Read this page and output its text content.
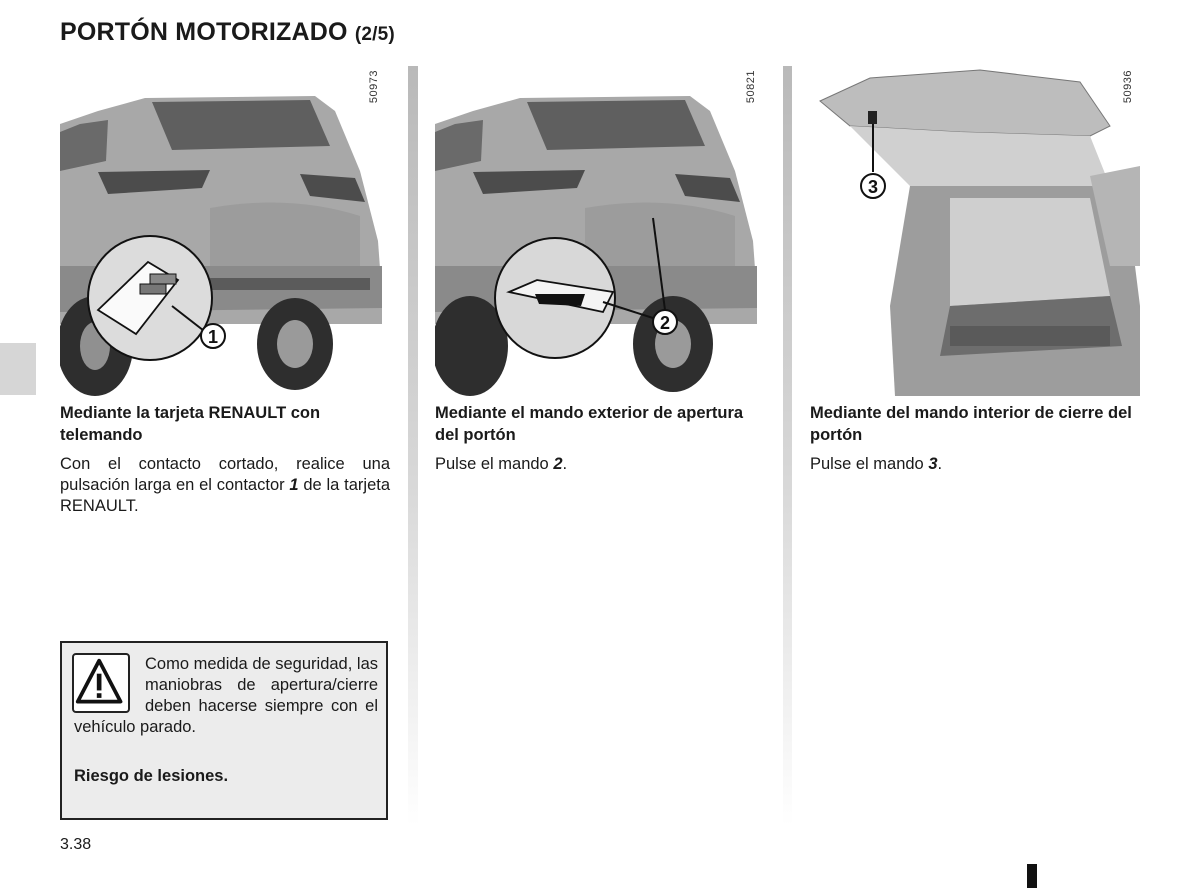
PORTÓN MOTORIZADO (2/5)
1
50973
2
50821
3
50936
Mediante la tarjeta RENAULT con telemando
Con el contacto cortado, realice una pulsación larga en el contactor 1 de la tarjeta RENAULT.
Mediante el mando exterior de apertura del portón
Pulse el mando 2.
Mediante del mando interior de cierre del portón
Pulse el mando 3.
Como medida de seguridad, las maniobras de apertura/cierre deben hacerse siempre con el vehículo parado.
Riesgo de lesiones.
3.38
